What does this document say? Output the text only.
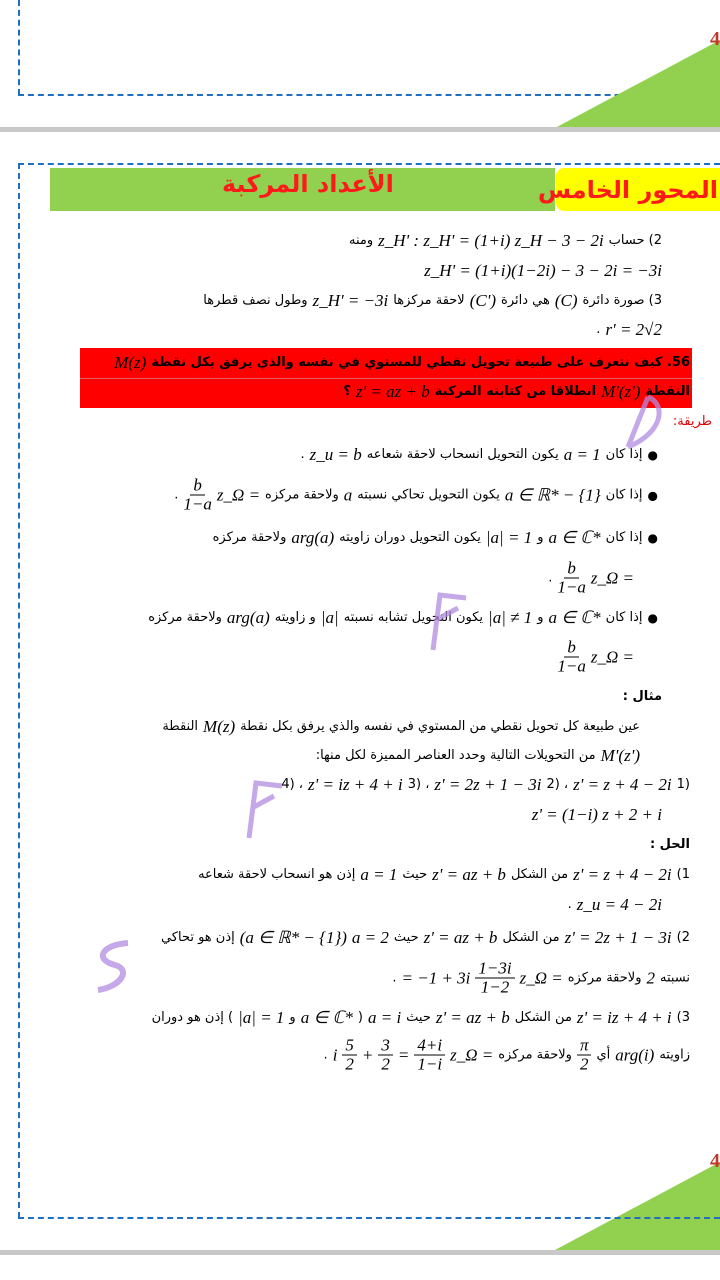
4
الأعداد المركبة	المحور الخامس
2) حساب
z_H' : z_H' = (1+i) z_H − 3 − 2i
ومنه
z_H' = (1+i)(1−2i) − 3 − 2i = −3i
3) صورة دائرة
(C)
هي دائرة
(C')
لاحقة مركزها
z_H' = −3i
وطول نصف قطرها
r' = 2√2
.
56. كيف نتعرف على طبيعة تحويل نقطي للمستوي في نفسه والذي يرفق بكل نقطة
M(z)
النقطة
M'(z')
انطلاقا من كتابته المركبة
z' = az + b
؟
طريقة:
●
إذا كان
a = 1
يكون التحويل انسحاب لاحقة شعاعه
z_u = b
.
●
إذا كان
a ∈ ℝ* − {1}
يكون التحويل تحاكي نسبته
a
ولاحقة مركزه
z_Ω =
$\frac{b}{1-a}$
.
●
إذا كان
a ∈ ℂ*
و
|a| = 1
يكون التحويل دوران زاويته
arg(a)
ولاحقة مركزه
z_Ω =
$\frac{b}{1-a}$
.
●
إذا كان
a ∈ ℂ*
و
|a| ≠ 1
يكون التحويل تشابه نسبته
|a|
و زاويته
arg(a)
ولاحقة مركزه
z_Ω =
$\frac{b}{1-a}$
مثال :
عين طبيعة كل تحويل نقطي من المستوي في نفسه والذي يرفق بكل نقطة
M(z)
النقطة
M'(z')
من التحويلات التالية وحدد العناصر المميزة لكل منها:
(1
z' = z + 4 − 2i
، (2
z' = 2z + 1 − 3i
، (3
z' = iz + 4 + i
، (4
z' = (1−i) z + 2 + i
الحل :
1)
z' = z + 4 − 2i
من الشكل
z' = az + b
حيث
a = 1
إذن هو انسحاب لاحقة شعاعه
z_u = 4 − 2i
.
2)
z' = 2z + 1 − 3i
من الشكل
z' = az + b
حيث
a = 2
(a ∈ ℝ* − {1})
إذن هو تحاكي
نسبته
2
ولاحقة مركزه
z_Ω =
$\frac{1-3i}{1-2}$
= −1 + 3i
.
3)
z' = iz + 4 + i
من الشكل
z' = az + b
حيث
a = i
(
a ∈ ℂ*
و
|a| = 1
) إذن هو دوران
زاويته
arg(i)
أي
$\frac{\pi}{2}$
ولاحقة مركزه
z_Ω =
$\frac{4+i}{1-i}$
=
$\frac{3}{2}$
+
$\frac{5}{2}$
i
.
4
